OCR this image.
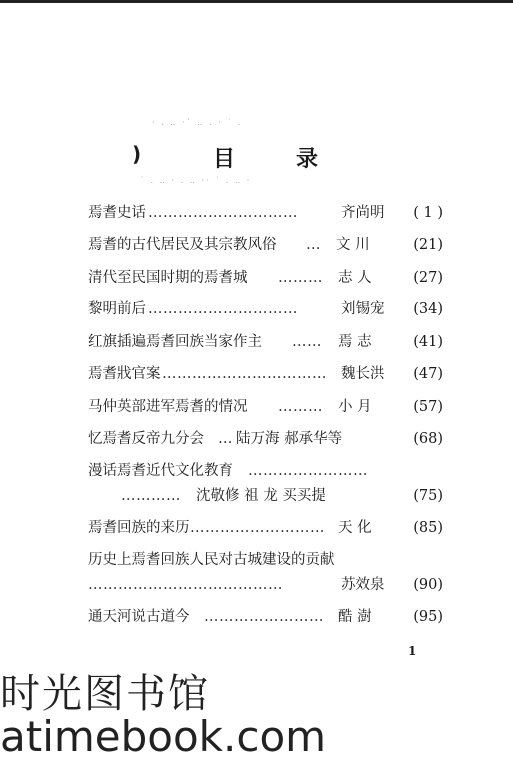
· . ‥ ·˙ ‥ . · ˙ .
˙ . ‥ · . ‥ ·· ˙ . ‥ ·
)	目	录
焉耆史话 …………………………	齐尚明 ( 1 )
焉耆的古代居民及其宗教风俗 …	文 川	(21)
清代至民国时期的焉耆城 ………	志 人	(27)
黎明前后 …………………………	刘锡宠 (34)
红旗插遍焉耆回族当家作主 ……	焉 志	(41)
焉耆戕官案 …………………………… 魏长洪 (47)
马仲英部进军焉耆的情况 ………	小 月	(57)
忆焉耆反帝九分会 … 陆万海 郝承华等	(68)
漫话焉耆近代文化教育 ……………………
…………	沈敬修 祖 龙 买买提	(75)
焉耆回族的来历 ……………………… 天 化	(85)
历史上焉耆回族人民对古城建设的贡献
…………………………………	苏效泉 (90)
通天河说古道今 …………………… 酷 澍	(95)
1
时光图书馆
atimebook.com
